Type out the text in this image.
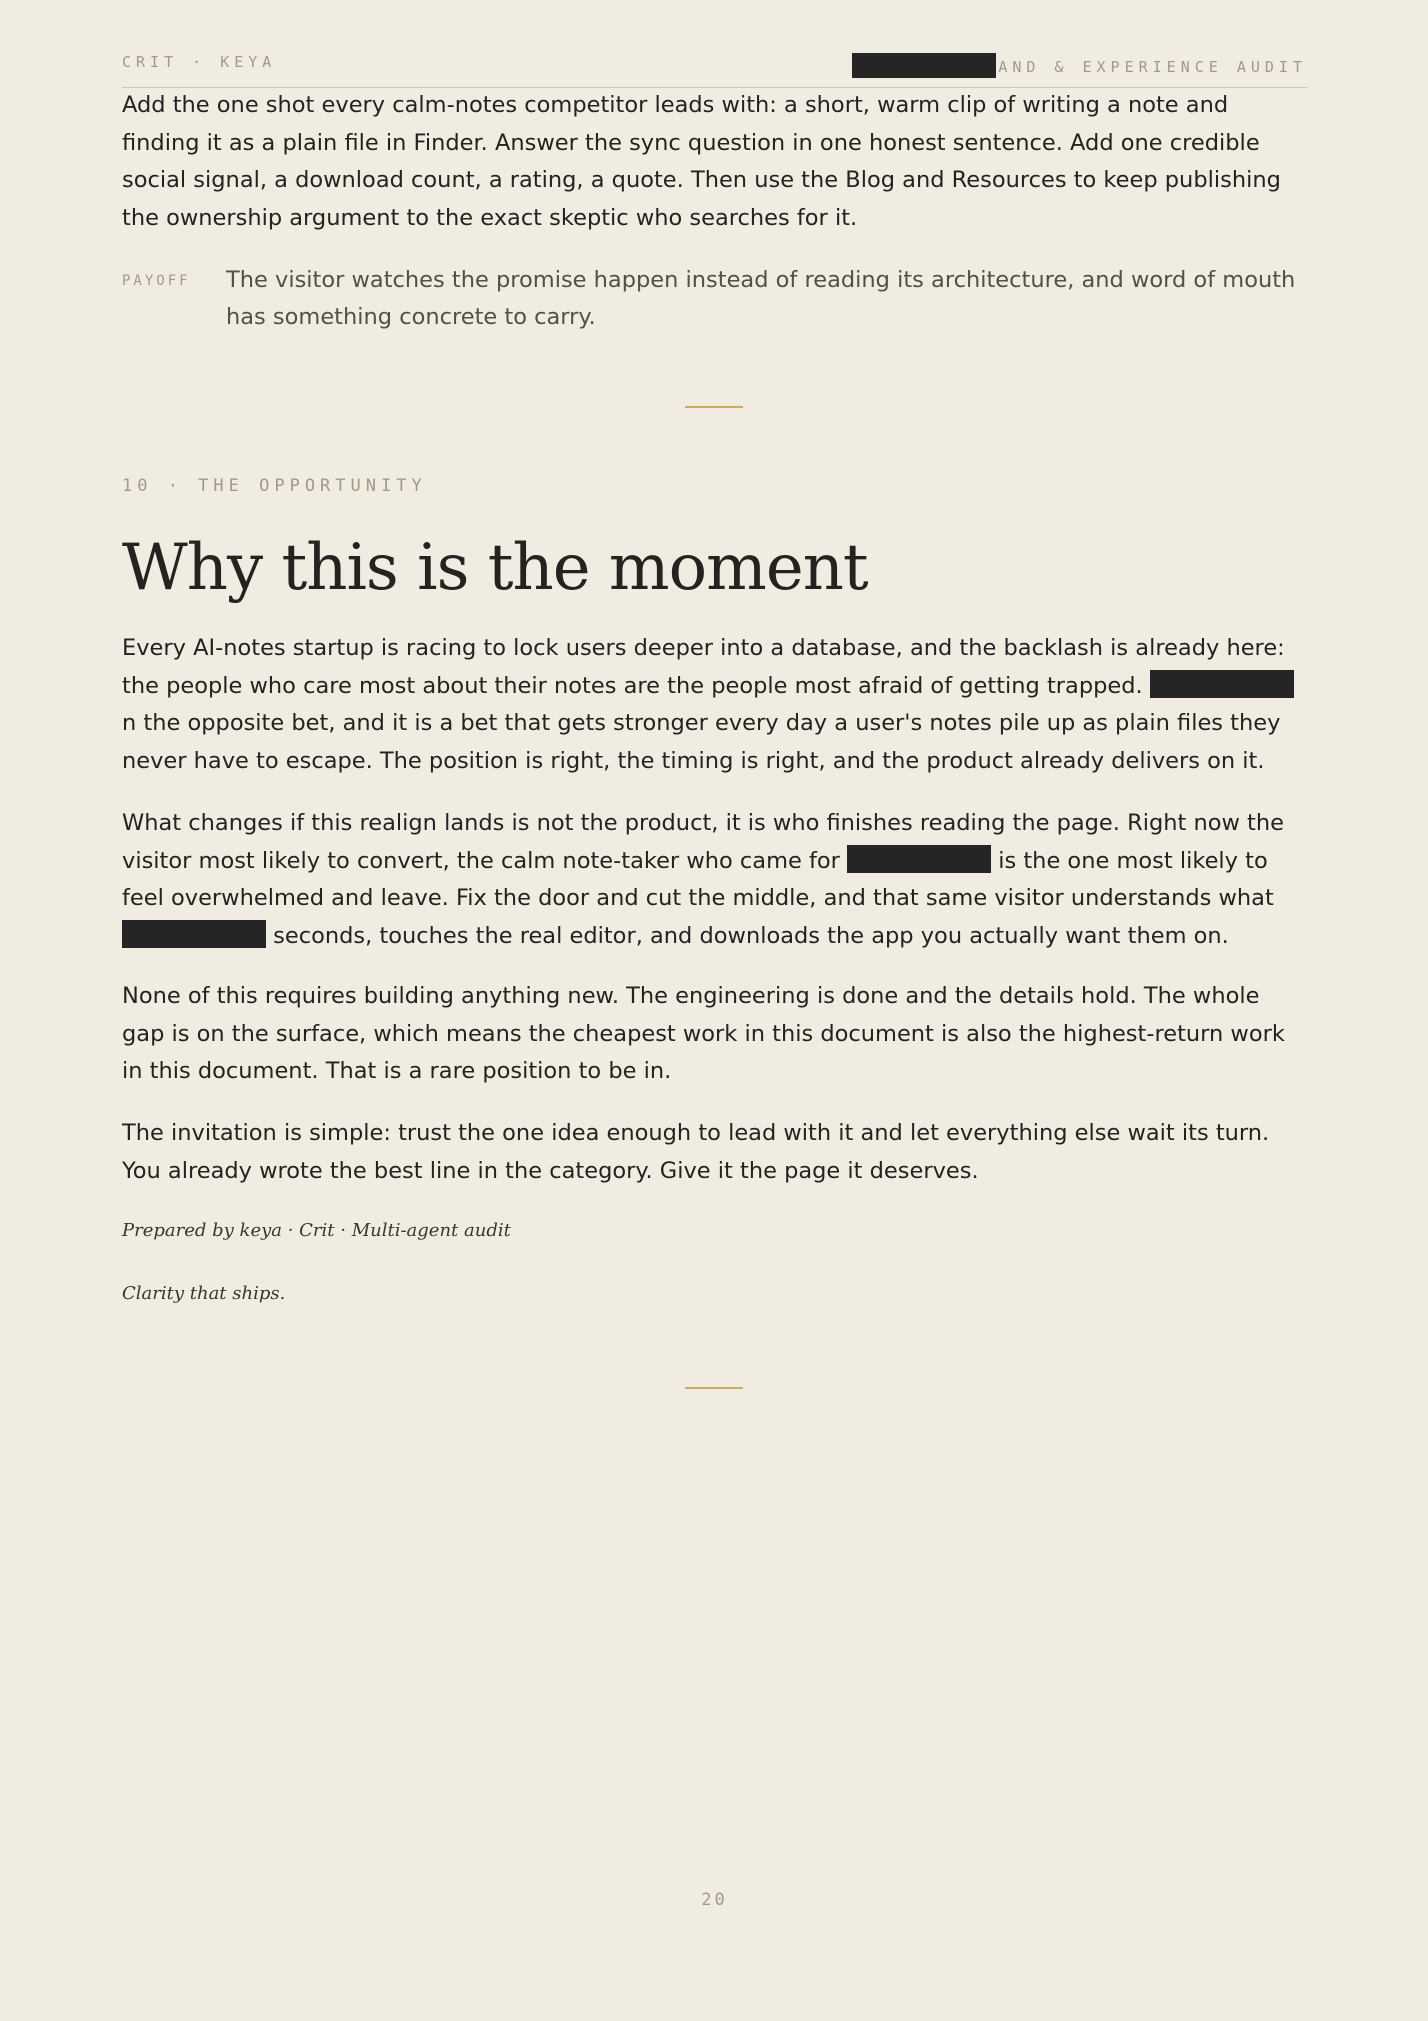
CRIT · KEYA	AND & EXPERIENCE AUDIT

Add the one shot every calm-notes competitor leads with: a short, warm clip of writing a note and finding it as a plain file in Finder. Answer the sync question in one honest sentence. Add one credible social signal, a download count, a rating, a quote. Then use the Blog and Resources to keep publishing the ownership argument to the exact skeptic who searches for it.

PAYOFF The visitor watches the promise happen instead of reading its architecture, and word of mouth has something concrete to carry.

10 · THE OPPORTUNITY
Why this is the moment

Every AI-notes startup is racing to lock users deeper into a database, and the backlash is already here: the people who care most about their notes are the people most afraid of getting trapped. n the opposite bet, and it is a bet that gets stronger every day a user's notes pile up as plain files they never have to escape. The position is right, the timing is right, and the product already delivers on it.

What changes if this realign lands is not the product, it is who finishes reading the page. Right now the visitor most likely to convert, the calm note-taker who came for	is the one most likely to feel overwhelmed and leave. Fix the door and cut the middle, and that same visitor understands what  seconds, touches the real editor, and downloads the app you actually want them on.

None of this requires building anything new. The engineering is done and the details hold. The whole gap is on the surface, which means the cheapest work in this document is also the highest-return work in this document. That is a rare position to be in.

The invitation is simple: trust the one idea enough to lead with it and let everything else wait its turn. You already wrote the best line in the category. Give it the page it deserves.

Prepared by keya · Crit · Multi-agent audit

Clarity that ships.

20
